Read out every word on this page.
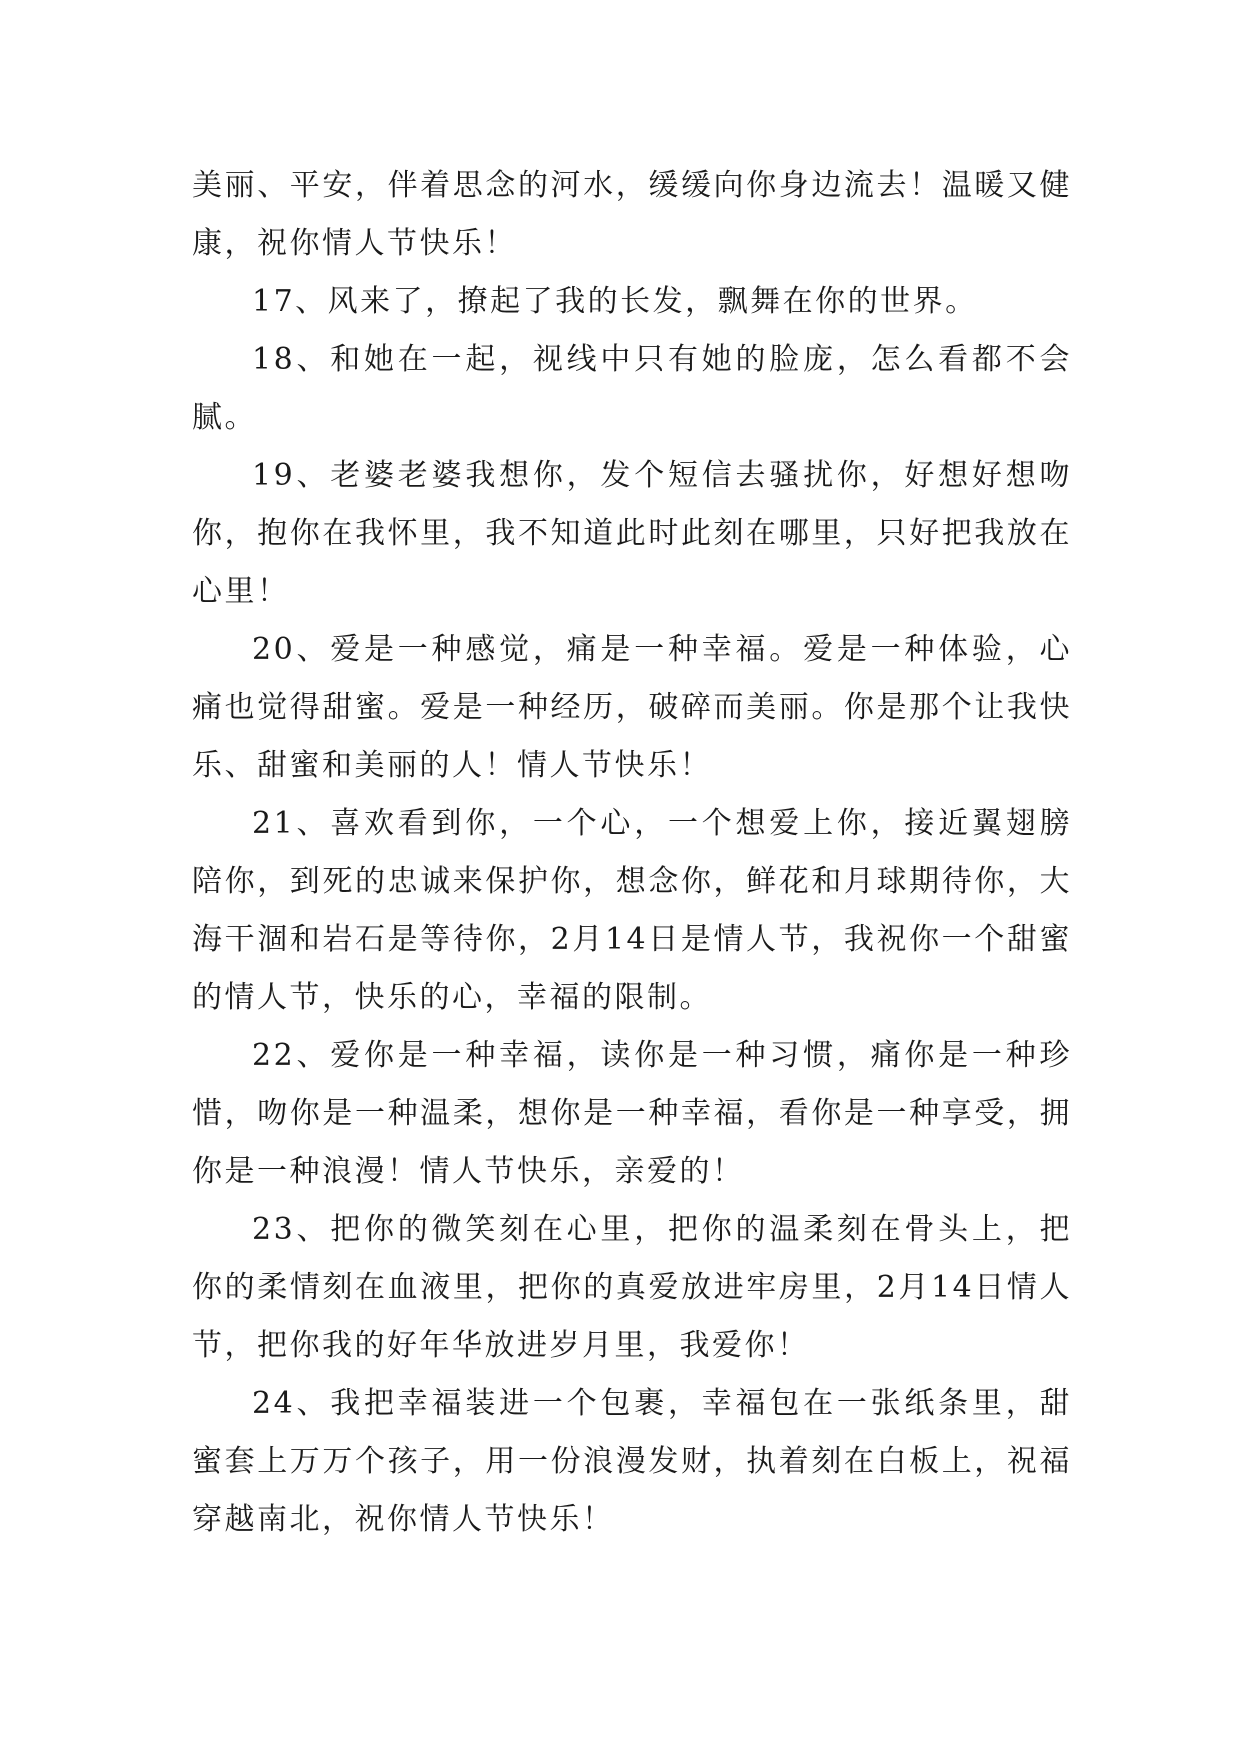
美丽、平安，伴着思念的河水，缓缓向你身边流去！温暖又健康，祝你情人节快乐！

17、风来了，撩起了我的长发，飘舞在你的世界。

18、和她在一起，视线中只有她的脸庞，怎么看都不会腻。

19、老婆老婆我想你，发个短信去骚扰你，好想好想吻你，抱你在我怀里，我不知道此时此刻在哪里，只好把我放在心里！

20、爱是一种感觉，痛是一种幸福。爱是一种体验，心痛也觉得甜蜜。爱是一种经历，破碎而美丽。你是那个让我快乐、甜蜜和美丽的人！情人节快乐！

21、喜欢看到你，一个心，一个想爱上你，接近翼翅膀陪你，到死的忠诚来保护你，想念你，鲜花和月球期待你，大海干涸和岩石是等待你，2月14日是情人节，我祝你一个甜蜜的情人节，快乐的心，幸福的限制。

22、爱你是一种幸福，读你是一种习惯，痛你是一种珍惜，吻你是一种温柔，想你是一种幸福，看你是一种享受，拥你是一种浪漫！情人节快乐，亲爱的！

23、把你的微笑刻在心里，把你的温柔刻在骨头上，把你的柔情刻在血液里，把你的真爱放进牢房里，2月14日情人节，把你我的好年华放进岁月里，我爱你！

24、我把幸福装进一个包裹，幸福包在一张纸条里，甜蜜套上万万个孩子，用一份浪漫发财，执着刻在白板上，祝福穿越南北，祝你情人节快乐！
